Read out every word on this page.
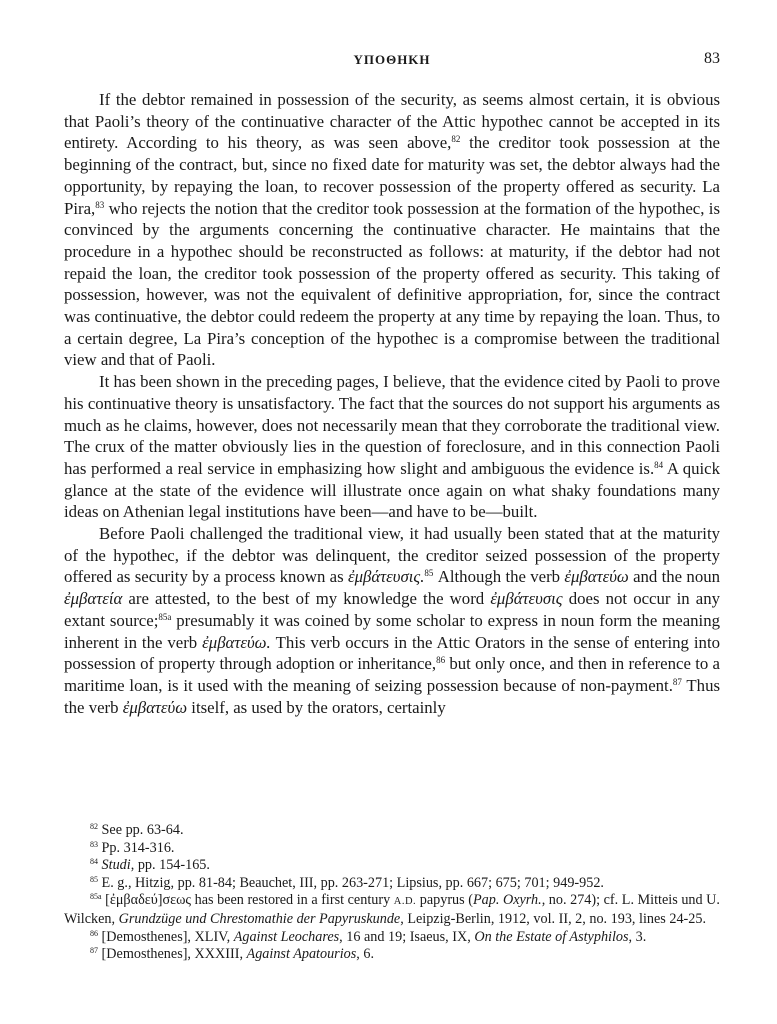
ΥΠΟΘΗΚΗ	83

If the debtor remained in possession of the security, as seems almost certain, it is obvious that Paoli’s theory of the continuative character of the Attic hypothec cannot be accepted in its entirety. According to his theory, as was seen above,$^{82}$ the creditor took possession at the beginning of the contract, but, since no fixed date for maturity was set, the debtor always had the opportunity, by repaying the loan, to recover possession of the property offered as security. La Pira,$^{83}$ who rejects the notion that the creditor took possession at the formation of the hypothec, is convinced by the arguments concerning the continuative character. He maintains that the procedure in a hypothec should be reconstructed as follows: at maturity, if the debtor had not repaid the loan, the creditor took possession of the property offered as security. This taking of possession, however, was not the equivalent of definitive appropriation, for, since the contract was continuative, the debtor could redeem the property at any time by repaying the loan. Thus, to a certain degree, La Pira’s conception of the hypothec is a compromise between the traditional view and that of Paoli.

It has been shown in the preceding pages, I believe, that the evidence cited by Paoli to prove his continuative theory is unsatisfactory. The fact that the sources do not support his arguments as much as he claims, however, does not necessarily mean that they corroborate the traditional view. The crux of the matter obviously lies in the question of foreclosure, and in this connection Paoli has performed a real service in emphasizing how slight and ambiguous the evidence is.$^{84}$ A quick glance at the state of the evidence will illustrate once again on what shaky foundations many ideas on Athenian legal institutions have been—and have to be—built.

Before Paoli challenged the traditional view, it had usually been stated that at the maturity of the hypothec, if the debtor was delinquent, the creditor seized possession of the property offered as security by a process known as ἐμβάτευσις.$^{85}$ Although the verb ἐμβατεύω and the noun ἐμβατεία are attested, to the best of my knowledge the word ἐμβάτευσις does not occur in any extant source;$^{85a}$ presumably it was coined by some scholar to express in noun form the meaning inherent in the verb ἐμβατεύω. This verb occurs in the Attic Orators in the sense of entering into possession of property through adoption or inheritance,$^{86}$ but only once, and then in reference to a maritime loan, is it used with the meaning of seizing possession because of non-payment.$^{87}$ Thus the verb ἐμβατεύω itself, as used by the orators, certainly

$^{82}$ See pp. 63-64.

$^{83}$ Pp. 314-316.

$^{84}$ Studi, pp. 154-165.

$^{85}$ E. g., Hitzig, pp. 81-84; Beauchet, III, pp. 263-271; Lipsius, pp. 667; 675; 701; 949-952.

$^{85a}$ [ἐμβαδεύ]σεως has been restored in a first century A.D. papyrus (Pap. Oxyrh., no. 274); cf. L. Mitteis und U. Wilcken, Grundzüge und Chrestomathie der Papyruskunde, Leipzig-Berlin, 1912, vol. II, 2, no. 193, lines 24-25.

$^{86}$ [Demosthenes], XLIV, Against Leochares, 16 and 19; Isaeus, IX, On the Estate of Astyphilos, 3.

$^{87}$ [Demosthenes], XXXIII, Against Apatourios, 6.
